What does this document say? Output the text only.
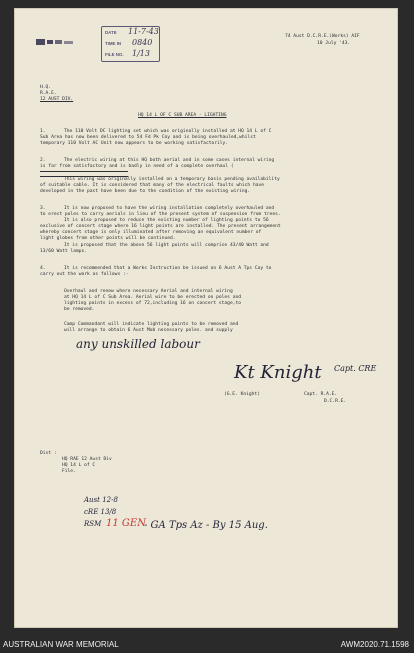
DATE 11-7-43
TIME IN 0840
FILE NO. 1/13
74 Aust D.C.R.E.(Works) AIF
10 July '43.
H.Q.
R.A.E.
12 AUST DIV.
HQ 14 L OF C SUB AREA - LIGHTING
1.	The 110 Volt DC lighting set which was originally installed at HQ 14 L of C
Sub Area has now been delivered to 54 Fd Pk Coy and is being overhauled,whilst
temporary 110 Volt AC Unit now appears to be working satisfactorily.
2.	The electric wiring at this HQ both aerial and in some cases internal wiring
is far from satisfactory and is badly in need of a complete overhaul (
This wiring was originally installed on a temporary basis pending availability
of suitable cable. It is considered that many of the electrical faults which have
developed in the past have been due to the condition of the existing wiring.
3.	It is now proposed to have the wiring installation completely overhauled and
to erect poles to carry aerials in lieu of the present system of suspension from trees.
It is also proposed to reduce the existing number of lighting points to 56
exclusive of concert stage where 16 light points are installed. The present arrangement
whereby concert stage is only illuminated after removing an equivalent number of
light globes from other points will be continued.
It is proposed that the above 56 light points will comprise 43/40 Watt and
13/60 Watt lamps.
4.	It is recommended that a Works Instruction be issued on 6 Aust A Tps Coy to
carry out the work as follows :-
Overhaul and renew where necessary Aerial and internal wiring
at HQ 14 L of C Sub Area. Aerial wire to be erected on poles and
lighting points in excess of 72,including 16 on concert stage,to
be removed.
Camp Commandant will indicate lighting points to be removed and
will arrange to obtain 6 Aust Mob necessary poles. and supply
any unskilled labour
Kt Knight Capt. CRE
(G.E. Knight)	Capt. R.A.E.
D.C.R.E.
Dist :
HQ RAE 12 Aust Div
HQ 14 L of C
File.
Aust 12-8
cRE 13/8
RSM 11 GEN
- GA Tps Az - By 15 Aug.
AUSTRALIAN WAR MEMORIAL	AWM2020.71.1598
